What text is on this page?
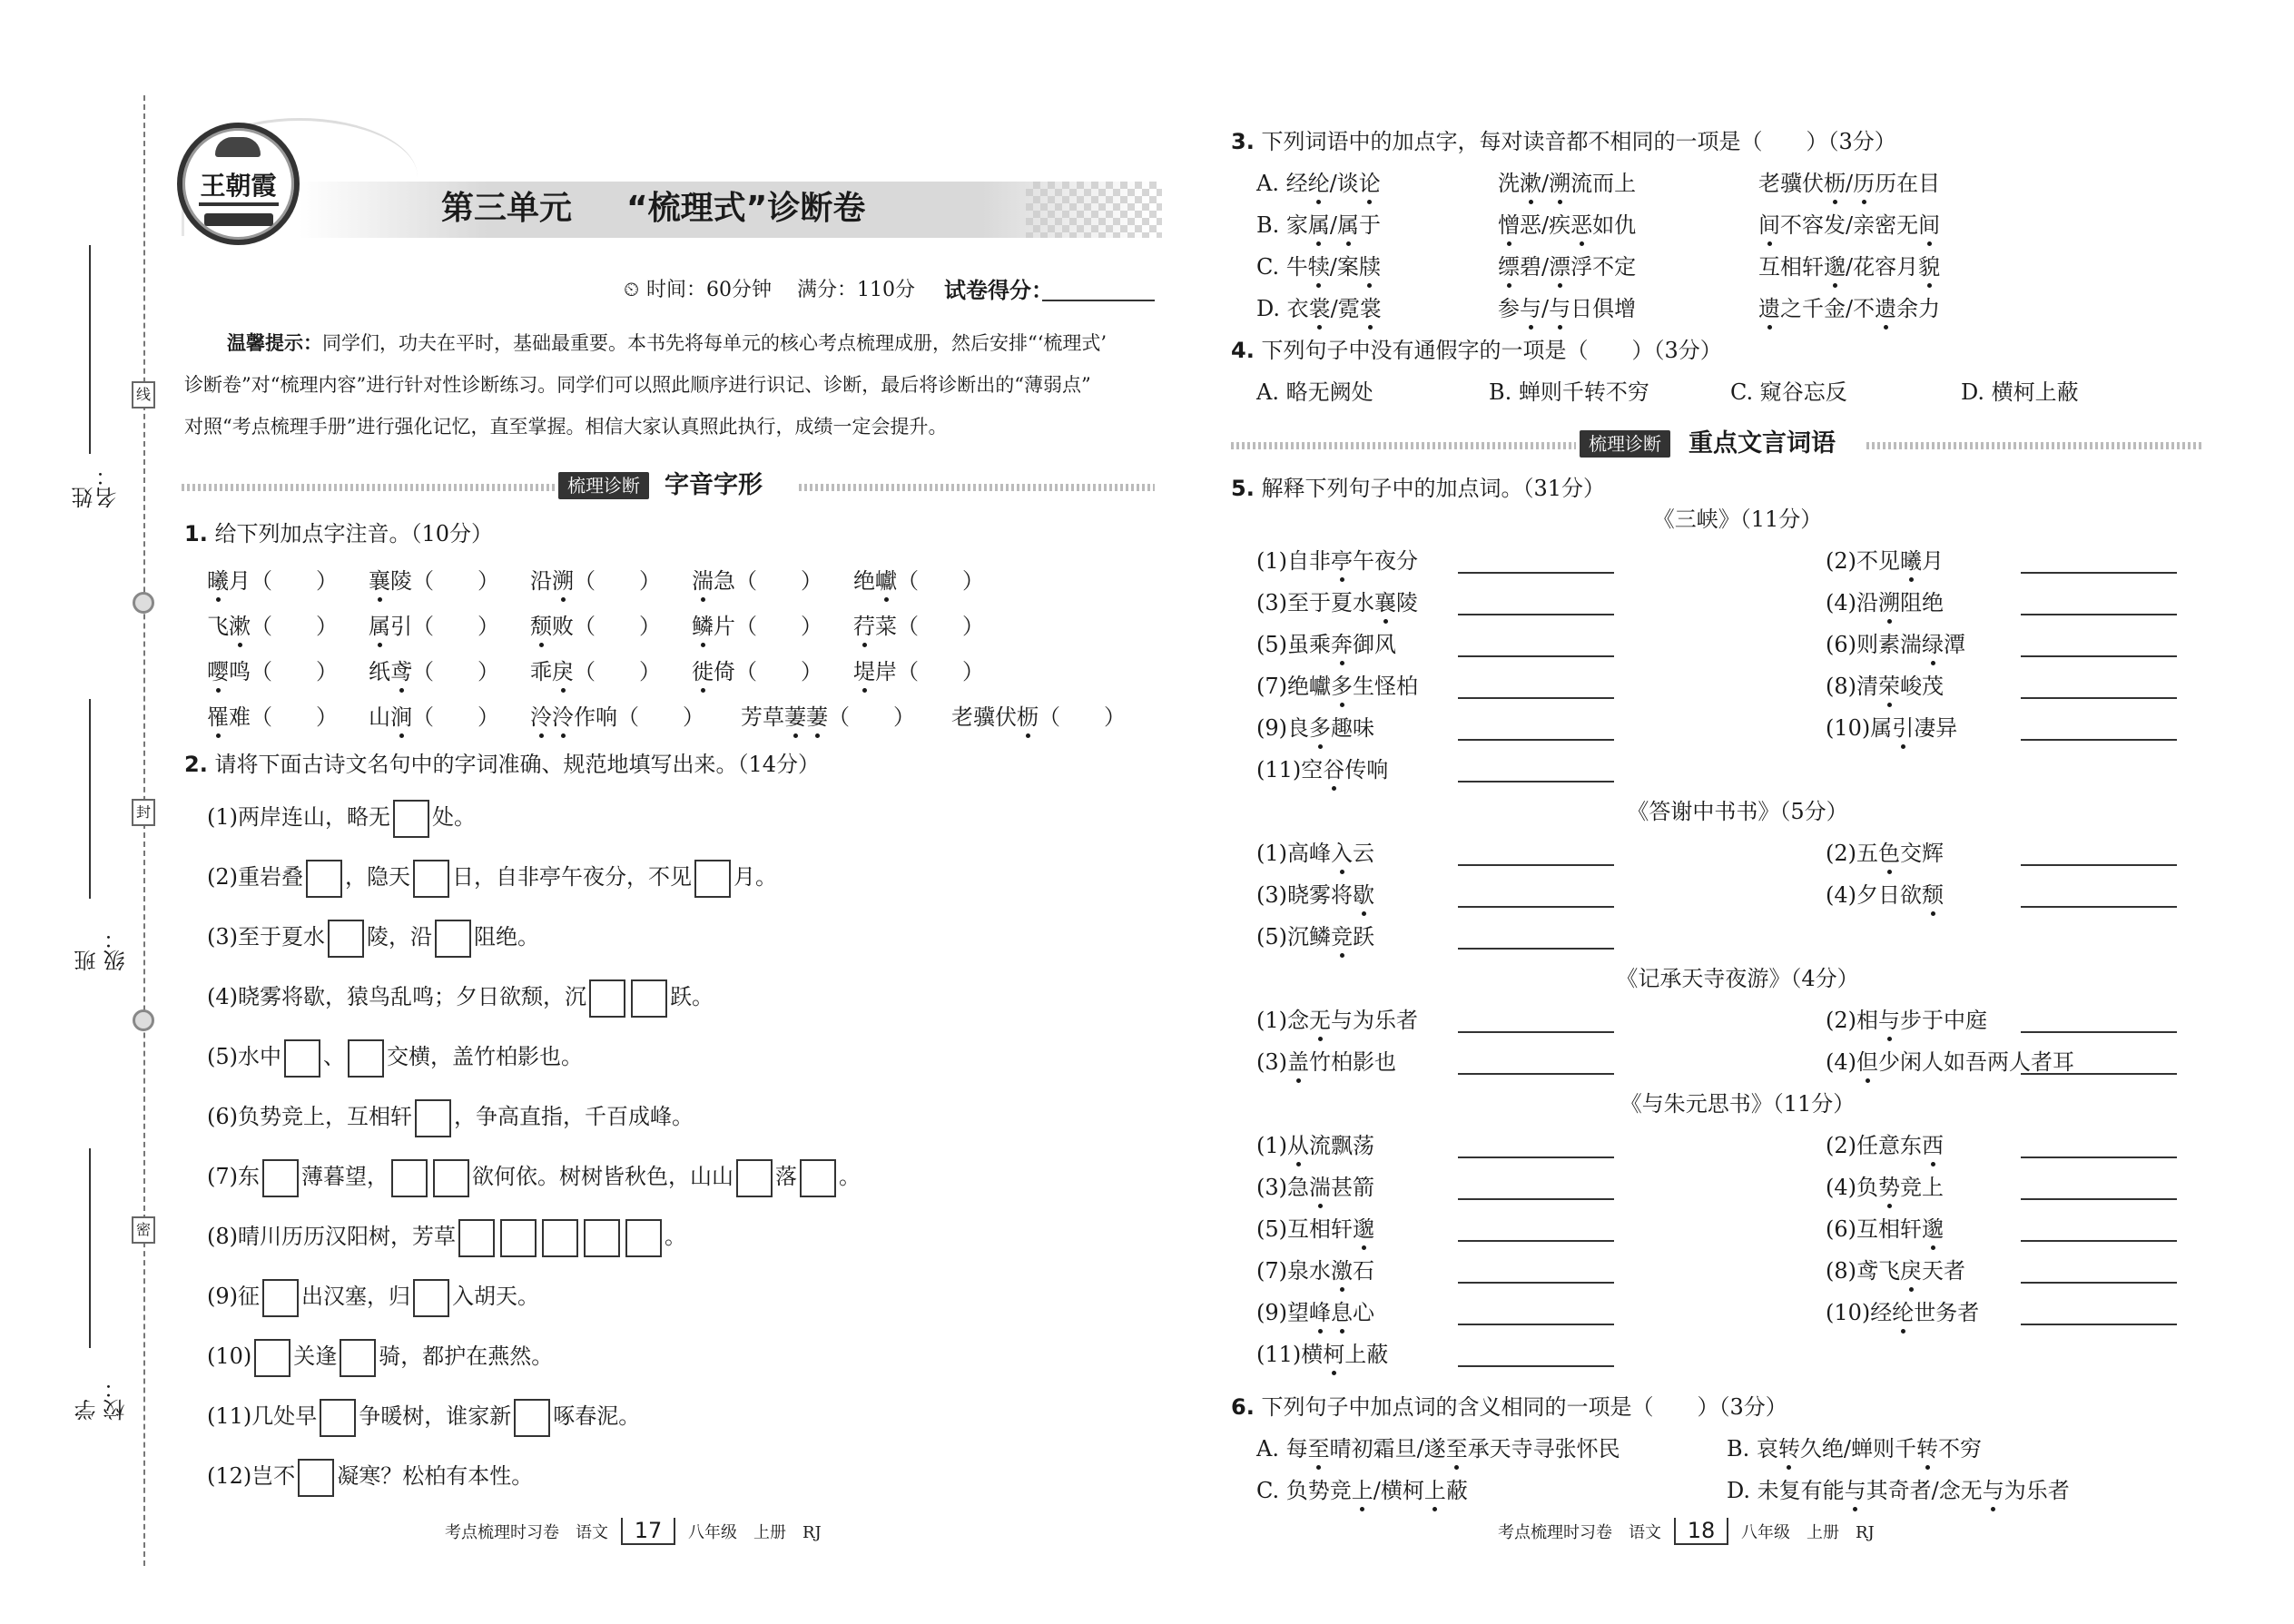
线
封
密
姓名：
班级：
学校：
王朝霞
第三单元 “梳理式”诊断卷
⏲ 时间：60分钟 满分：110分 试卷得分：
温馨提示：同学们，功夫在平时，基础最重要。本书先将每单元的核心考点梳理成册，然后安排“‘梳理式’
诊断卷”对“梳理内容”进行针对性诊断练习。同学们可以照此顺序进行识记、诊断，最后将诊断出的“薄弱点”
对照“考点梳理手册”进行强化记忆，直至掌握。相信大家认真照此执行，成绩一定会提升。
梳理诊断	字音字形
1. 给下列加点字注音。（10分）
曦月（　　） 襄陵（　　） 沿溯（　　） 湍急（　　） 绝巘（　　）
飞漱（　　） 属引（　　） 颓败（　　） 鳞片（　　） 荇菜（　　）
嘤鸣（　　） 纸鸢（　　） 乖戾（　　） 徙倚（　　） 堤岸（　　）
罹难（　　） 山涧（　　） 泠泠作响（　　） 芳草萋萋（　　） 老骥伏枥（　　）
2. 请将下面古诗文名句中的字词准确、规范地填写出来。（14分）
(1)两岸连山，略无 处。
(2)重岩叠 ，隐天 日，自非亭午夜分，不见 月。
(3)至于夏水 陵，沿 阻绝。
(4)晓雾将歇，猿鸟乱鸣；夕日欲颓，沉	跃。
(5)水中 、 交横，盖竹柏影也。
(6)负势竞上，互相轩 ，争高直指，千百成峰。
(7)东 薄暮望，	欲何依。树树皆秋色，山山 落 。
(8)晴川历历汉阳树，芳草	。
(9)征 出汉塞，归 入胡天。
(10) 关逢 骑，都护在燕然。
(11)几处早 争暖树，谁家新 啄春泥。
(12)岂不 凝寒？松柏有本性。
考点梳理时习卷　 语文 17 八年级　 上册　 RJ
3. 下列词语中的加点字，每对读音都不相同的一项是（　　）（3分）
A. 经纶/谈论	洗漱/溯流而上	老骥伏枥/历历在目
B. 家属/属于	憎恶/疾恶如仇	间不容发/亲密无间
C. 牛犊/案牍	缥碧/漂浮不定	互相轩邈/花容月貌
D. 衣裳/霓裳	参与/与日俱增	遗之千金/不遗余力
4. 下列句子中没有通假字的一项是（　　）（3分）
A. 略无阙处	B. 蝉则千转不穷	C. 窥谷忘反	D. 横柯上蔽
梳理诊断	重点文言词语
5. 解释下列句子中的加点词。（31分）
《三峡》（11分）
(1)自非亭午夜分	(2)不见曦月
(3)至于夏水襄陵	(4)沿溯阻绝
(5)虽乘奔御风	(6)则素湍绿潭
(7)绝巘多生怪柏	(8)清荣峻茂
(9)良多趣味	(10)属引凄异
(11)空谷传响
《答谢中书书》（5分）
(1)高峰入云	(2)五色交辉
(3)晓雾将歇	(4)夕日欲颓
(5)沉鳞竞跃
《记承天寺夜游》（4分）
(1)念无与为乐者	(2)相与步于中庭
(3)盖竹柏影也	(4)但少闲人如吾两人者耳
《与朱元思书》（11分）
(1)从流飘荡	(2)任意东西
(3)急湍甚箭	(4)负势竞上
(5)互相轩邈	(6)互相轩邈
(7)泉水激石	(8)鸢飞戾天者
(9)望峰息心	(10)经纶世务者
(11)横柯上蔽
6. 下列句子中加点词的含义相同的一项是（　　）（3分）
A. 每至晴初霜旦/遂至承天寺寻张怀民	B. 哀转久绝/蝉则千转不穷
C. 负势竞上/横柯上蔽	D. 未复有能与其奇者/念无与为乐者
考点梳理时习卷　 语文 18 八年级　 上册　 RJ
